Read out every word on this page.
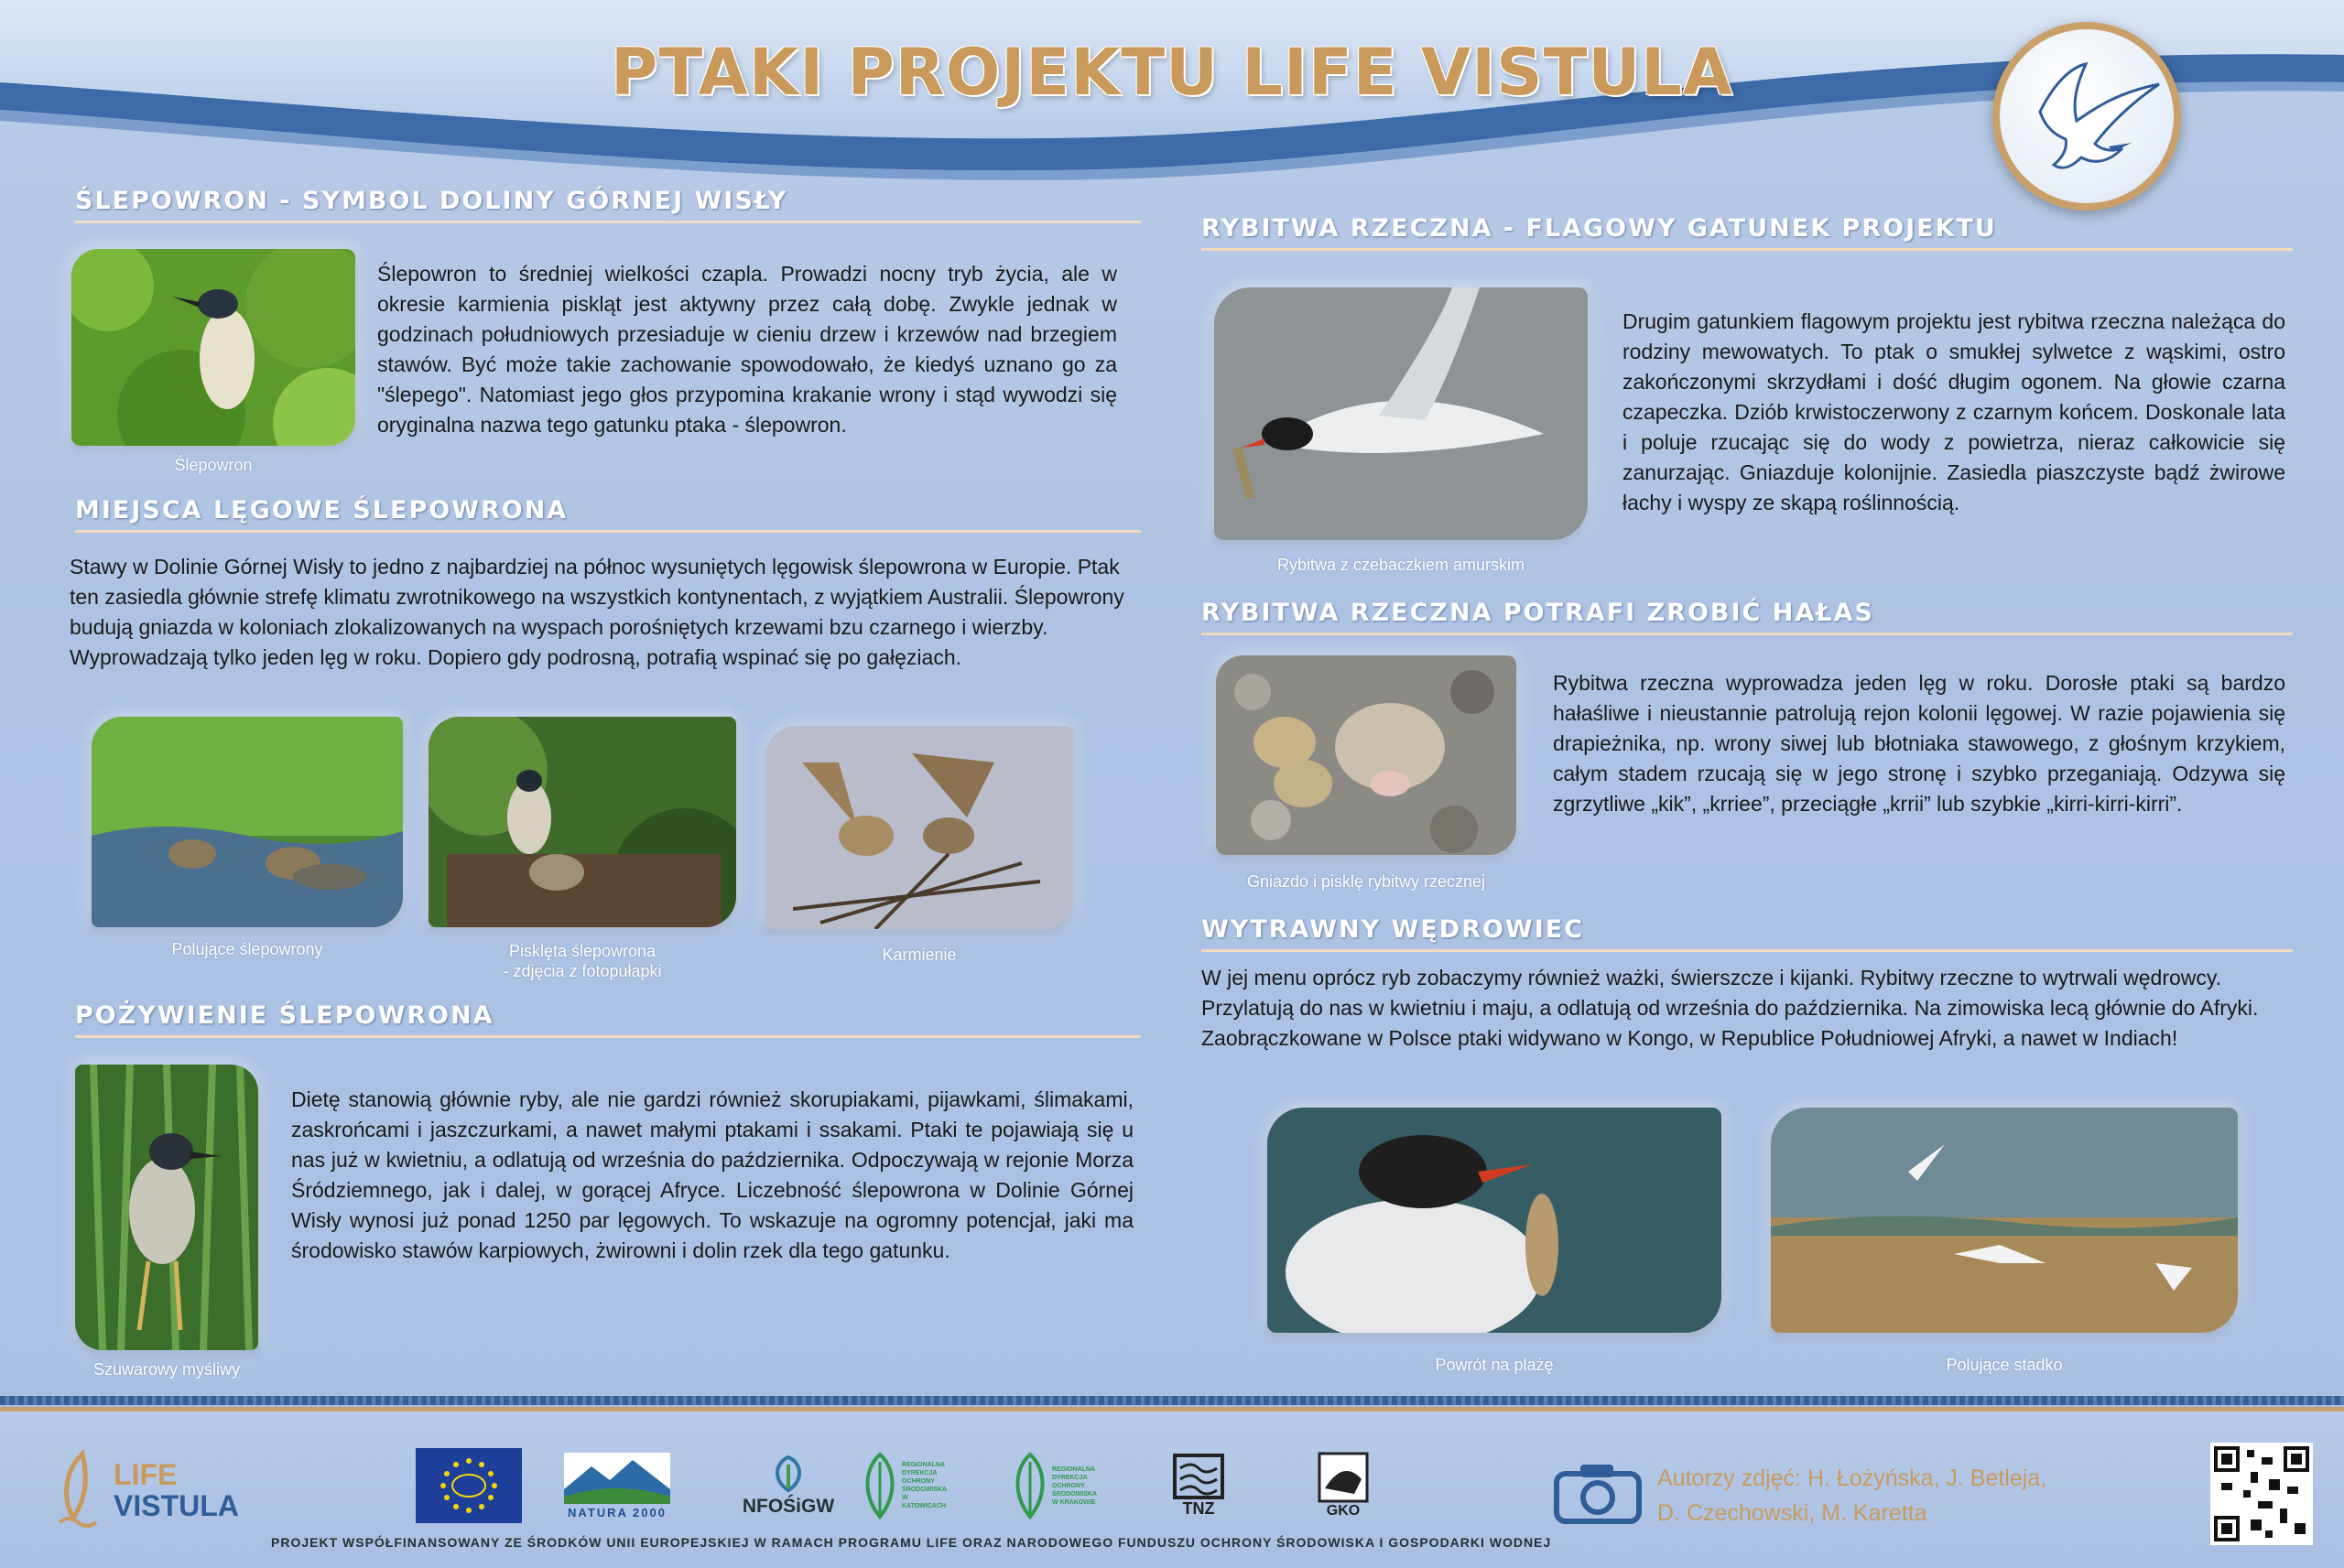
PTAKI PROJEKTU LIFE VISTULA
ŚLEPOWRON - SYMBOL DOLINY GÓRNEJ WISŁY
Ślepowron
Ślepowron to średniej wielkości czapla. Prowadzi nocny tryb życia, ale w okresie karmienia piskląt jest aktywny przez całą dobę. Zwykle jednak w godzinach południowych przesiaduje w cieniu drzew i krzewów nad brzegiem stawów. Być może takie zachowanie spowodowało, że kiedyś uznano go za "ślepego". Natomiast jego głos przypomina krakanie wrony i stąd wywodzi się oryginalna nazwa tego gatunku ptaka - ślepowron.
MIEJSCA LĘGOWE ŚLEPOWRONA
Stawy w Dolinie Górnej Wisły to jedno z najbardziej na północ wysuniętych lęgowisk ślepowrona w Europie. Ptak ten zasiedla głównie strefę klimatu zwrotnikowego na wszystkich kontynentach, z wyjątkiem Australii. Ślepowrony budują gniazda w koloniach zlokalizowanych na wyspach porośniętych krzewami bzu czarnego i wierzby. Wyprowadzają tylko jeden lęg w roku. Dopiero gdy podrosną, potrafią wspinać się po gałęziach.
Polujące ślepowrony	Pisklęta ślepowrona
- zdjęcia z fotopułapki
Karmienie
POŻYWIENIE ŚLEPOWRONA
Szuwarowy myśliwy
Dietę stanowią głównie ryby, ale nie gardzi również skorupiakami, pijawkami, ślimakami, zaskrońcami i jaszczurkami, a nawet małymi ptakami i ssakami. Ptaki te pojawiają się u nas już w kwietniu, a odlatują od września do października. Odpoczywają w rejonie Morza Śródziemnego, jak i dalej, w gorącej Afryce. Liczebność ślepowrona w Dolinie Górnej Wisły wynosi już ponad 1250 par lęgowych. To wskazuje na ogromny potencjał, jaki ma środowisko stawów karpiowych, żwirowni i dolin rzek dla tego gatunku.
RYBITWA RZECZNA - FLAGOWY GATUNEK PROJEKTU
Rybitwa z czebaczkiem amurskim
Drugim gatunkiem flagowym projektu jest rybitwa rzeczna należąca do rodziny mewowatych. To ptak o smukłej sylwetce z wąskimi, ostro zakończonymi skrzydłami i dość długim ogonem. Na głowie czarna czapeczka. Dziób krwistoczerwony z czarnym końcem. Doskonale lata i poluje rzucając się do wody z powietrza, nieraz całkowicie się zanurzając. Gniazduje kolonijnie. Zasiedla piaszczyste bądź żwirowe łachy i wyspy ze skąpą roślinnością.
RYBITWA RZECZNA POTRAFI ZROBIĆ HAŁAS
Gniazdo i pisklę rybitwy rzecznej
Rybitwa rzeczna wyprowadza jeden lęg w roku. Dorosłe ptaki są bardzo hałaśliwe i nieustannie patrolują rejon kolonii lęgowej. W razie pojawienia się drapieżnika, np. wrony siwej lub błotniaka stawowego, z głośnym krzykiem, całym stadem rzucają się w jego stronę i szybko przeganiają. Odzywa się zgrzytliwe „kik”, „krriee”, przeciągłe „krrii” lub szybkie „kirri-kirri-kirri”.
WYTRAWNY WĘDROWIEC
W jej menu oprócz ryb zobaczymy również ważki, świerszcze i kijanki. Rybitwy rzeczne to wytrwali wędrowcy. Przylatują do nas w kwietniu i maju, a odlatują od września do października. Na zimowiska lecą głównie do Afryki. Zaobrączkowane w Polsce ptaki widywano w Kongo, w Republice Południowej Afryki, a nawet w Indiach!
Powrót na plażę	Polujące stadko
LIFE
VISTULA	NATURA 2000	NFOŚiGW
REGIONALNA DYREKCJA OCHRONY ŚRODOWISKA W KATOWICACH
REGIONALNA DYREKCJA OCHRONY ŚRODOWISKA W KRAKOWIE	TNZ	GKO
PROJEKT WSPÓŁFINANSOWANY ZE ŚRODKÓW UNII EUROPEJSKIEJ W RAMACH PROGRAMU LIFE ORAZ NARODOWEGO FUNDUSZU OCHRONY ŚRODOWISKA I GOSPODARKI WODNEJ
Autorzy zdjęć: H. Łożyńska, J. Betleja,
D. Czechowski, M. Karetta
